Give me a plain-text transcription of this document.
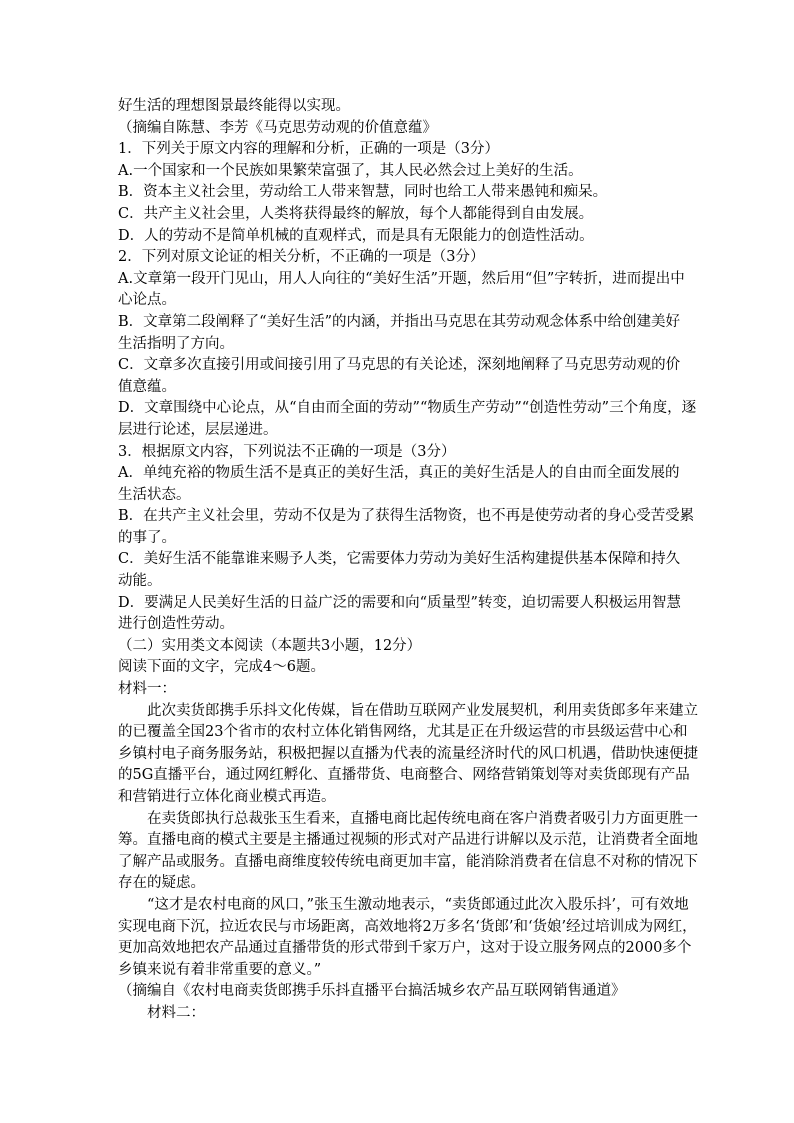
好生活的理想图景最终能得以实现。

（摘编自陈慧、李芳《马克思劳动观的价值意蕴》

1．下列关于原文内容的理解和分析，正确的一项是（3分）

A.一个国家和一个民族如果繁荣富强了，其人民必然会过上美好的生活。

B．资本主义社会里，劳动给工人带来智慧，同时也给工人带来愚钝和痴呆。

C．共产主义社会里，人类将获得最终的解放，每个人都能得到自由发展。

D．人的劳动不是简单机械的直观样式，而是具有无限能力的创造性活动。

2．下列对原文论证的相关分析，不正确的一项是（3分）

A.文章第一段开门见山，用人人向往的“美好生活”开题，然后用“但”字转折，进而提出中

心论点。

B．文章第二段阐释了“美好生活”的内涵，并指出马克思在其劳动观念体系中给创建美好

生活指明了方向。

C．文章多次直接引用或间接引用了马克思的有关论述，深刻地阐释了马克思劳动观的价

值意蕴。

D．文章围绕中心论点，从“自由而全面的劳动”“物质生产劳动”“创造性劳动”三个角度，逐

层进行论述，层层递进。

3．根据原文内容，下列说法不正确的一项是（3分）

A．单纯充裕的物质生活不是真正的美好生活，真正的美好生活是人的自由而全面发展的

生活状态。

B．在共产主义社会里，劳动不仅是为了获得生活物资，也不再是使劳动者的身心受苦受累

的事了。

C．美好生活不能靠谁来赐予人类，它需要体力劳动为美好生活构建提供基本保障和持久

动能。

D．要满足人民美好生活的日益广泛的需要和向“质量型”转变，迫切需要人积极运用智慧

进行创造性劳动。

（二）实用类文本阅读（本题共3小题，12分）

阅读下面的文字，完成4～6题。

材料一：

此次卖货郎携手乐抖文化传媒，旨在借助互联网产业发展契机，利用卖货郎多年来建立

的已覆盖全国23个省市的农村立体化销售网络，尤其是正在升级运营的市县级运营中心和

乡镇村电子商务服务站，积极把握以直播为代表的流量经济时代的风口机遇，借助快速便捷

的5G直播平台，通过网红孵化、直播带货、电商整合、网络营销策划等对卖货郎现有产品

和营销进行立体化商业模式再造。

在卖货郎执行总裁张玉生看来，直播电商比起传统电商在客户消费者吸引力方面更胜一

筹。直播电商的模式主要是主播通过视频的形式对产品进行讲解以及示范，让消费者全面地

了解产品或服务。直播电商维度较传统电商更加丰富，能消除消费者在信息不对称的情况下

存在的疑虑。

“这才是农村电商的风口，”张玉生激动地表示，“卖货郎通过此次入股乐抖’，可有效地

实现电商下沉，拉近农民与市场距离，高效地将2万多名‘货郎’和‘货娘’经过培训成为网红，

更加高效地把农产品通过直播带货的形式带到千家万户，这对于设立服务网点的2000多个

乡镇来说有着非常重要的意义。”

（摘编自《农村电商卖货郎携手乐抖直播平台搞活城乡农产品互联网销售通道》

材料二：
